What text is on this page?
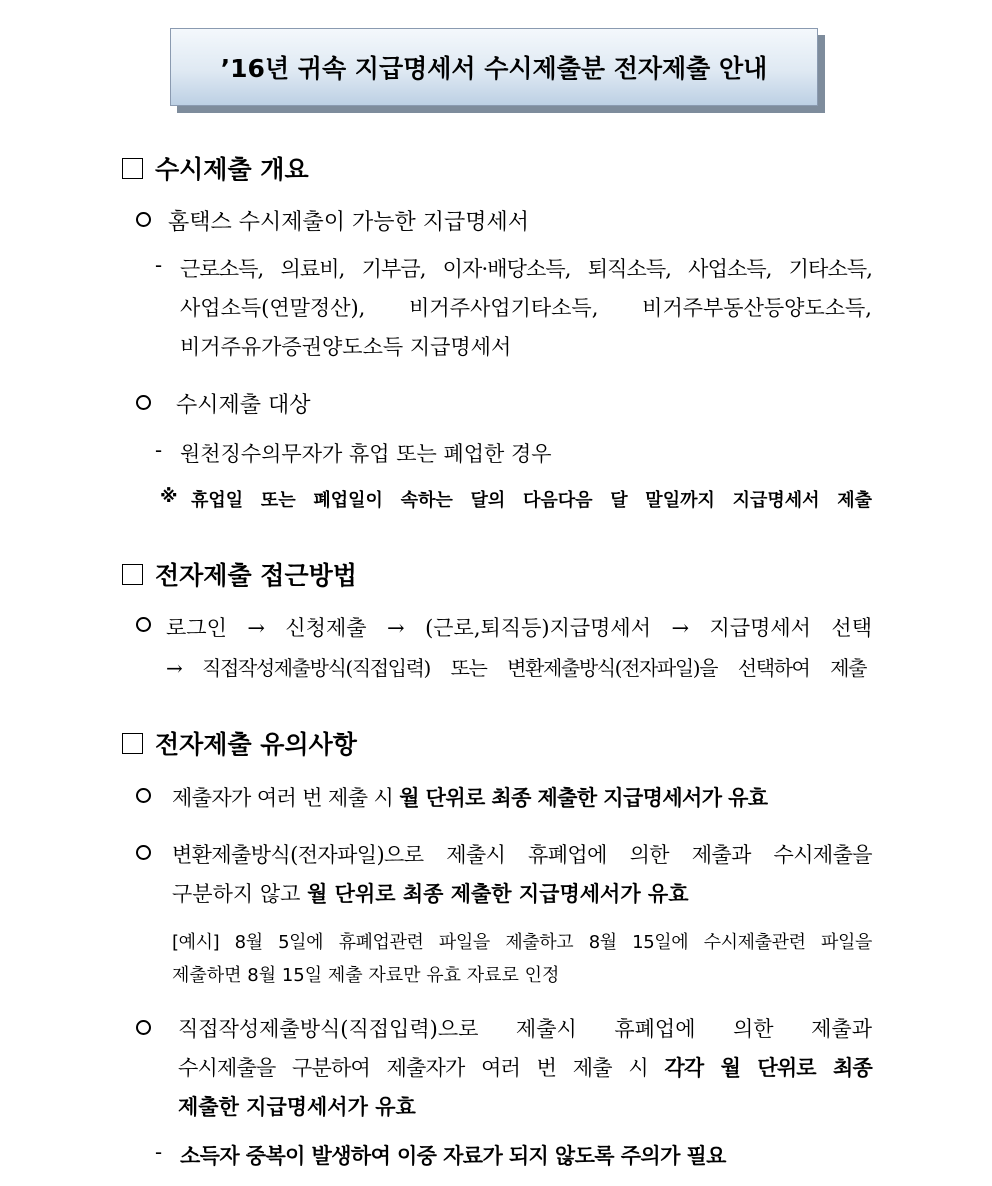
’16년 귀속 지급명세서 수시제출분 전자제출 안내
수시제출 개요
홈택스 수시제출이 가능한 지급명세서
- 근로소득, 의료비, 기부금, 이자·배당소득, 퇴직소득, 사업소득, 기타소득,
사업소득(연말정산), 비거주사업기타소득, 비거주부동산등양도소득,
비거주유가증권양도소득 지급명세서
수시제출 대상
- 원천징수의무자가 휴업 또는 폐업한 경우
※ 휴업일 또는 폐업일이 속하는 달의 다음다음 달 말일까지 지급명세서 제출
전자제출 접근방법
로그인 → 신청제출 → (근로,퇴직등)지급명세서 → 지급명세서 선택
→ 직접작성제출방식(직접입력) 또는 변환제출방식(전자파일)을 선택하여 제출
전자제출 유의사항
제출자가 여러 번 제출 시 월 단위로 최종 제출한 지급명세서가 유효
변환제출방식(전자파일)으로 제출시 휴폐업에 의한 제출과 수시제출을
구분하지 않고 월 단위로 최종 제출한 지급명세서가 유효
[예시] 8월 5일에 휴폐업관련 파일을 제출하고 8월 15일에 수시제출관련 파일을
제출하면 8월 15일 제출 자료만 유효 자료로 인정
직접작성제출방식(직접입력)으로 제출시 휴폐업에 의한 제출과
수시제출을 구분하여 제출자가 여러 번 제출 시 각각 월 단위로 최종
제출한 지급명세서가 유효
- 소득자 중복이 발생하여 이중 자료가 되지 않도록 주의가 필요
